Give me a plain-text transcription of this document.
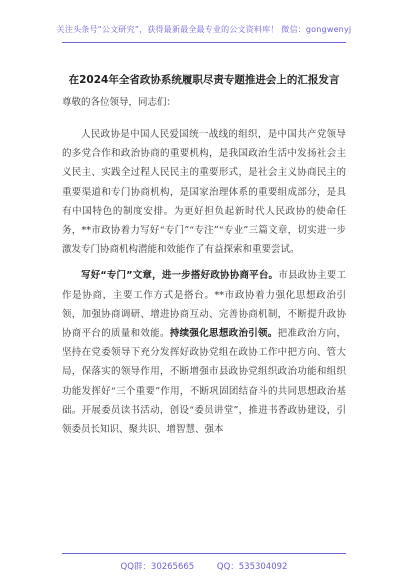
关注头条号“公文研究”，获得最新最全最专业的公文资料库！ 微信：gongwenyj
在2024年全省政协系统履职尽责专题推进会上的汇报发言
尊敬的各位领导，同志们：

人民政协是中国人民爱国统一战线的组织，是中国共产党领导的多党合作和政治协商的重要机构，是我国政治生活中发扬社会主义民主、实践全过程人民民主的重要形式，是社会主义协商民主的重要渠道和专门协商机构，是国家治理体系的重要组成部分，是具有中国特色的制度安排。为更好担负起新时代人民政协的使命任务，**市政协着力写好“专门”“专注”“专业”三篇文章，切实进一步激发专门协商机构潜能和效能作了有益探索和重要尝试。

写好“专门”文章，进一步搭好政协协商平台。市县政协主要工作是协商，主要工作方式是搭台。**市政协着力强化思想政治引领，加强协商调研、增进协商互动、完善协商机制，不断提升政协协商平台的质量和效能。持续强化思想政治引领。把准政治方向，坚持在党委领导下充分发挥好政协党组在政协工作中把方向、管大局，保落实的领导作用，不断增强市县政协党组织政治功能和组织功能发挥好“三个重要”作用，不断巩固团结奋斗的共同思想政治基础。开展委员读书活动，创设“委员讲堂”，推进书香政协建设，引领委员长知识、聚共识、增智慧、强本

QQ群：30265665	QQ：535304092
